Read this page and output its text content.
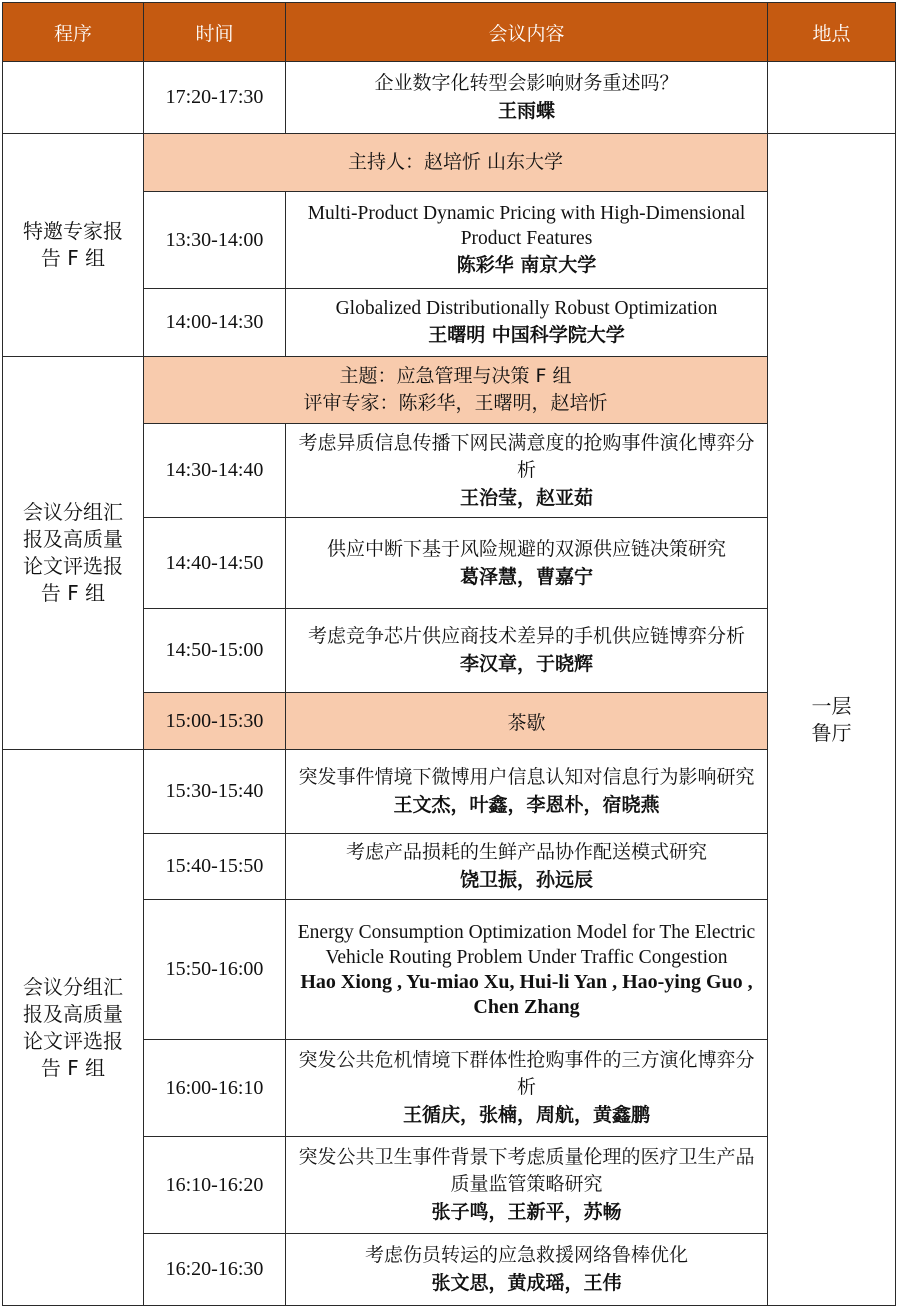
程序	时间	会议内容	地点	
	17:20-17:30	企业数字化转型会影响财务重述吗？
王雨蝶		

特邀专家报告 F 组	主持人：赵培忻 山东大学		一层鲁厅	

	13:30-14:00	Multi-Product Dynamic Pricing with High-Dimensional Product Features
陈彩华 南京大学		

	14:00-14:30	Globalized Distributionally Robust Optimization
王曙明 中国科学院大学		

会议分组汇报及高质量论文评选报告 F 组	主题：应急管理与决策 F 组
评审专家：陈彩华，王曙明，赵培忻			

	14:30-14:40	考虑异质信息传播下网民满意度的抢购事件演化博弈分析
王治莹，赵亚茹		

	14:40-14:50	供应中断下基于风险规避的双源供应链决策研究
葛泽慧，曹嘉宁		

	14:50-15:00	考虑竞争芯片供应商技术差异的手机供应链博弈分析
李汉章，于晓辉		

	15:00-15:30	茶歇		

会议分组汇报及高质量论文评选报告 F 组	15:30-15:40	突发事件情境下微博用户信息认知对信息行为影响研究
王文杰，叶鑫，李恩朴，宿晓燕

	15:40-15:50	考虑产品损耗的生鲜产品协作配送模式研究
饶卫振，孙远辰		

	15:50-16:00	Energy Consumption Optimization Model for The Electric Vehicle Routing Problem Under Traffic Congestion
Hao Xiong , Yu-miao Xu, Hui-li Yan , Hao-ying Guo , Chen Zhang		

	16:00-16:10	突发公共危机情境下群体性抢购事件的三方演化博弈分析
王循庆，张楠，周航，黄鑫鹏		

	16:10-16:20	突发公共卫生事件背景下考虑质量伦理的医疗卫生产品质量监管策略研究
张子鸣，王新平，苏畅		

	16:20-16:30	考虑伤员转运的应急救援网络鲁棒优化
张文思，黄成瑶，王伟		
